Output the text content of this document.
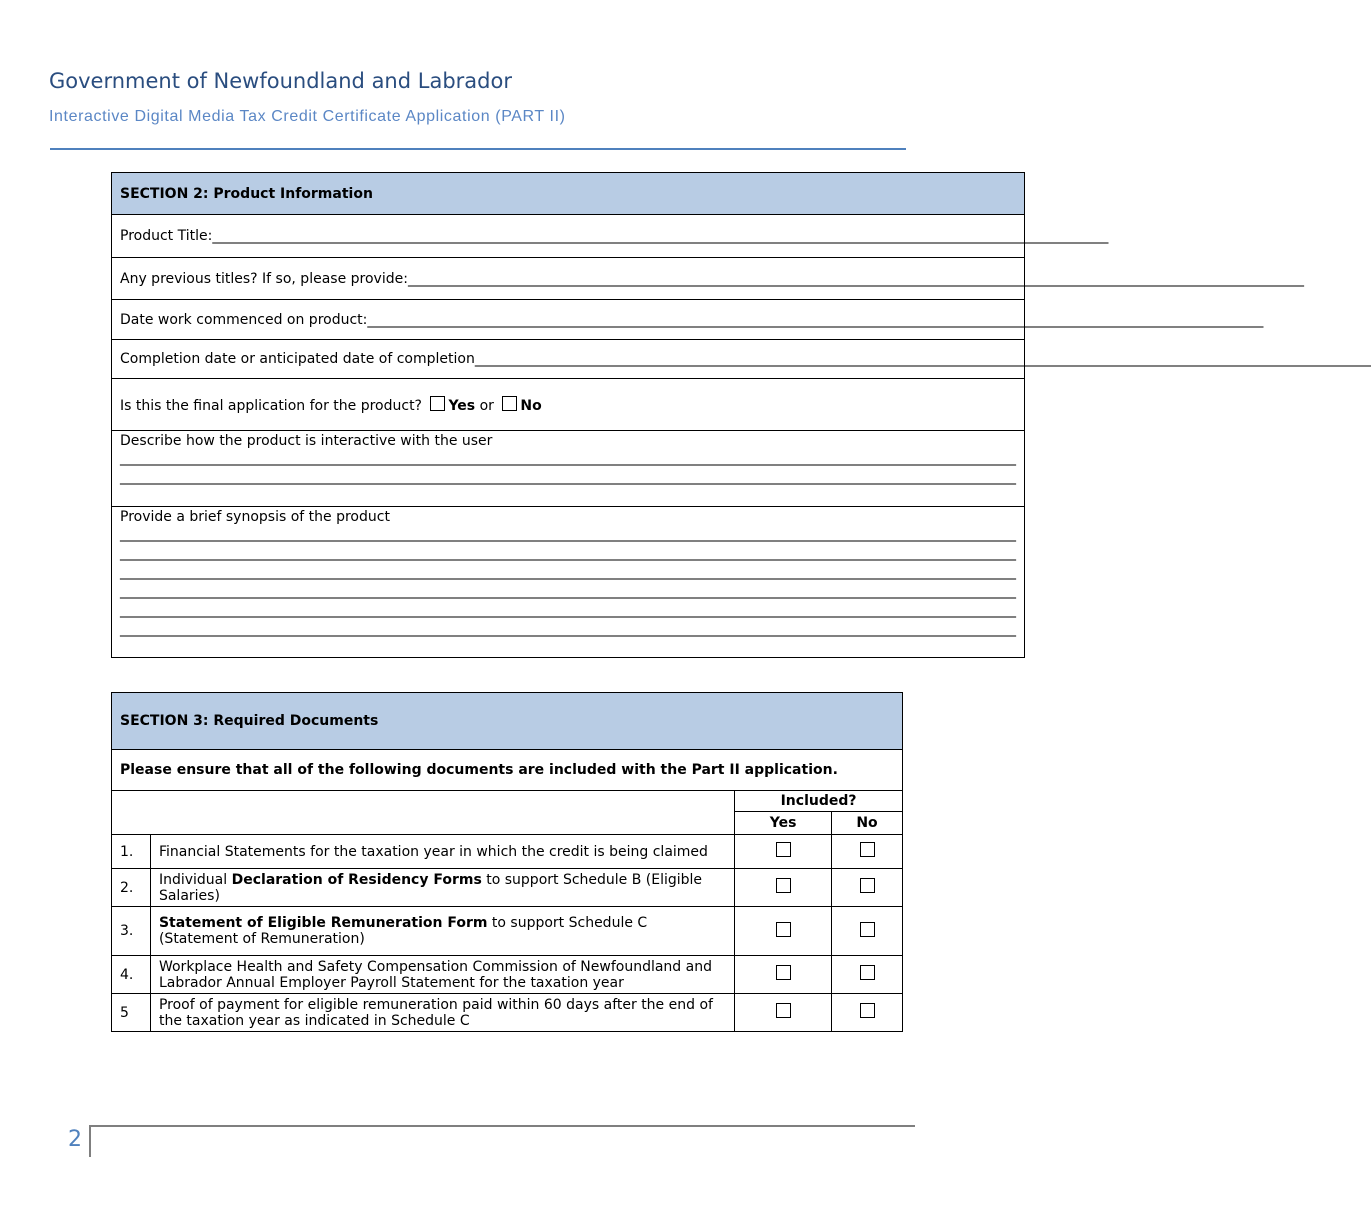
Government of Newfoundland and Labrador
Interactive Digital Media Tax Credit Certificate Application (PART II)
SECTION 2: Product Information
Product Title:________________________________________________________________________________________________________________________________
Any previous titles? If so, please provide:________________________________________________________________________________________________________________________________
Date work commenced on product:________________________________________________________________________________________________________________________________
Completion date or anticipated date of completion________________________________________________________________________________________________________________________________
Is this the final application for the product? Yes or No

Describe how the product is interactive with the user
________________________________________________________________________________________________________________________________
________________________________________________________________________________________________________________________________

Provide a brief synopsis of the product
________________________________________________________________________________________________________________________________
________________________________________________________________________________________________________________________________
________________________________________________________________________________________________________________________________
________________________________________________________________________________________________________________________________
________________________________________________________________________________________________________________________________
________________________________________________________________________________________________________________________________
SECTION 3: Required Documents			
Please ensure that all of the following documents are included with the Part II application.			
		Included?	
		Yes	No
1.	Financial Statements for the taxation year in which the credit is being claimed		
2.	Individual Declaration of Residency Forms to support Schedule B (Eligible Salaries)		
3.	Statement of Eligible Remuneration Form to support Schedule C (Statement of Remuneration)		
4.	Workplace Health and Safety Compensation Commission of Newfoundland and Labrador Annual Employer Payroll Statement for the taxation year		
5	Proof of payment for eligible remuneration paid within 60 days after the end of the taxation year as indicated in Schedule C		
2
